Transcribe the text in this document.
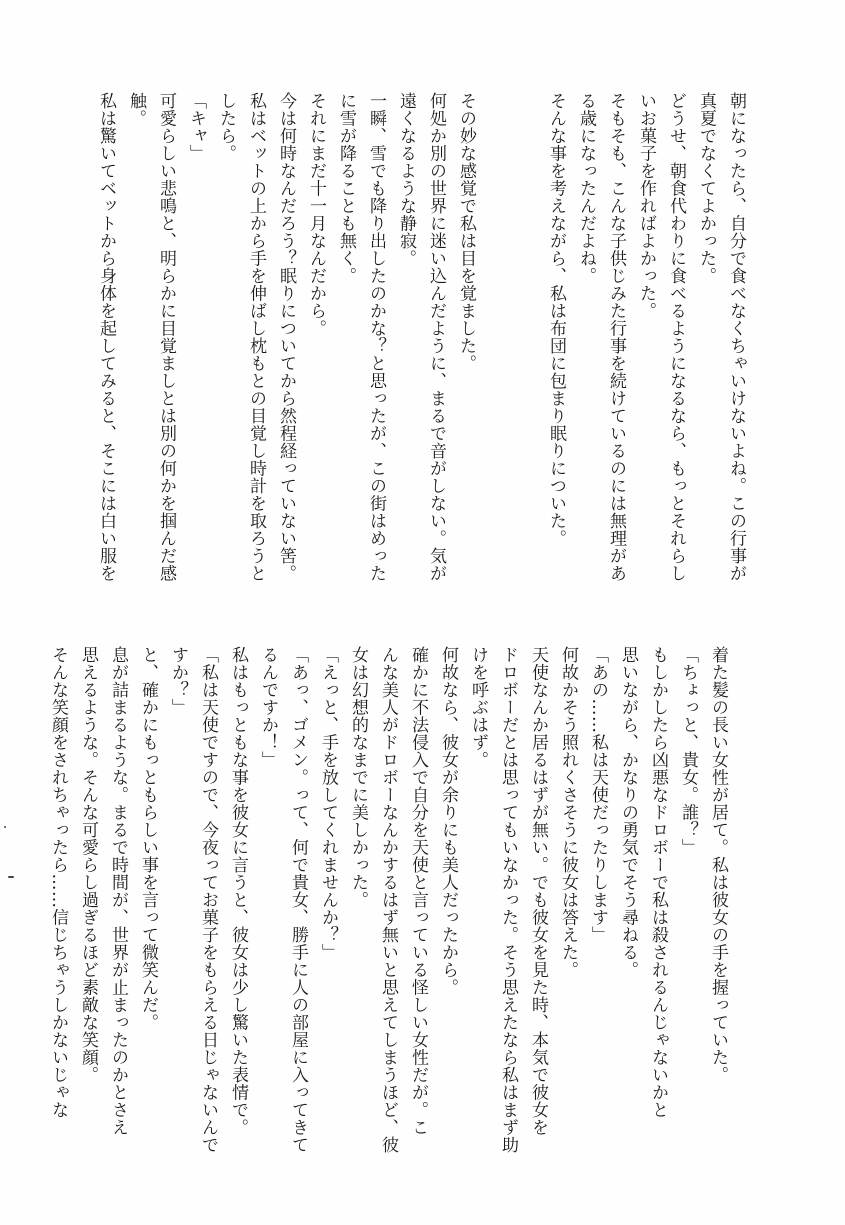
朝になったら、自分で食べなくちゃいけないよね。この行事が
真夏でなくてよかった。
どうせ、朝食代わりに食べるようになるなら、もっとそれらし
いお菓子を作ればよかった。
そもそも、こんな子供じみた行事を続けているのには無理があ
る歳になったんだよね。
そんな事を考えながら、私は布団に包まり眠りについた。

その妙な感覚で私は目を覚ました。
何処か別の世界に迷い込んだように、まるで音がしない。気が
遠くなるような静寂。
一瞬、雪でも降り出したのかな？と思ったが、この街はめった
に雪が降ることも無く。
それにまだ十一月なんだから。
今は何時なんだろう？眠りについてから然程経っていない筈。
私はベットの上から手を伸ばし枕もとの目覚し時計を取ろうと
したら。
「キャ」
可愛らしい悲鳴と、明らかに目覚ましとは別の何かを掴んだ感
触。
私は驚いてベットから身体を起してみると、そこには白い服を
着た髪の長い女性が居て。私は彼女の手を握っていた。
「ちょっと、貴女。誰？」
もしかしたら凶悪なドロボーで私は殺されるんじゃないかと
思いながら、かなりの勇気でそう尋ねる。
「あの……私は天使だったりします」
何故かそう照れくさそうに彼女は答えた。
天使なんか居るはずが無い。でも彼女を見た時、本気で彼女を
ドロボーだとは思ってもいなかった。そう思えたなら私はまず助
けを呼ぶはず。
何故なら、彼女が余りにも美人だったから。
確かに不法侵入で自分を天使と言っている怪しい女性だが。こ
んな美人がドロボーなんかするはず無いと思えてしまうほど、彼
女は幻想的なまでに美しかった。
「えっと、手を放してくれませんか？」
「あっ、ゴメン。って、何で貴女、勝手に人の部屋に入ってきて
るんですか！」
私はもっともな事を彼女に言うと、彼女は少し驚いた表情で。
「私は天使ですので、今夜ってお菓子をもらえる日じゃないんで
すか？」
と、確かにもっともらしい事を言って微笑んだ。
息が詰まるような。まるで時間が、世界が止まったのかとさえ
思えるような。そんな可愛らし過ぎるほど素敵な笑顔。
そんな笑顔をされちゃったら……信じちゃうしかないじゃな
